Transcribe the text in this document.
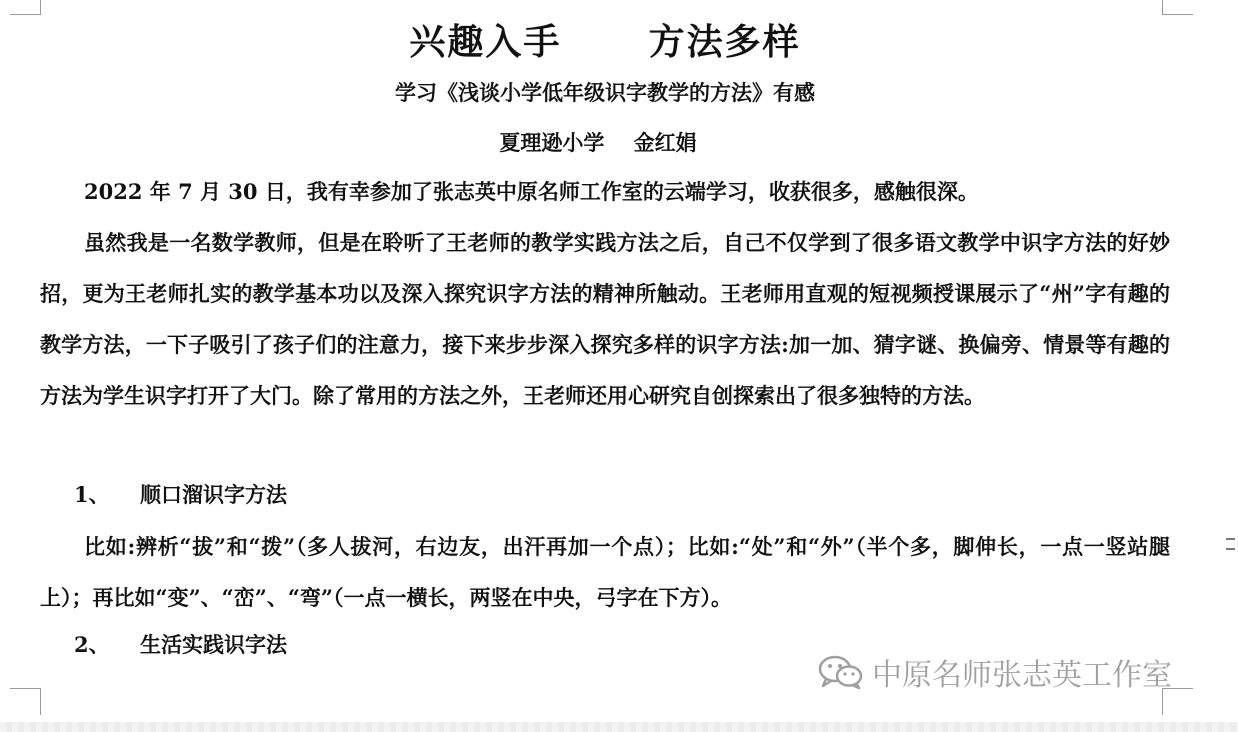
兴趣入手      方法多样
学习《浅谈小学低年级识字教学的方法》有感

夏理逊小学    金红娟

2022 年 7 月 30 日，我有幸参加了张志英中原名师工作室的云端学习，收获很多，感触很深。

虽然我是一名数学教师，但是在聆听了王老师的教学实践方法之后，自己不仅学到了很多语文教学中识字方法的好妙招，更为王老师扎实的教学基本功以及深入探究识字方法的精神所触动。王老师用直观的短视频授课展示了“州”字有趣的教学方法，一下子吸引了孩子们的注意力，接下来步步深入探究多样的识字方法:加一加、猜字谜、换偏旁、情景等有趣的方法为学生识字打开了大门。除了常用的方法之外，王老师还用心研究自创探索出了很多独特的方法。

1、 顺口溜识字方法

比如:辨析“拔”和“拨”（多人拔河，右边友，出汗再加一个点）；比如:“处”和“外”（半个多，脚伸长，一点一竖站腿上）；再比如“变”、“峦”、“弯”（一点一横长，两竖在中央，弓字在下方）。

2、 生活实践识字法

中原名师张志英工作室
